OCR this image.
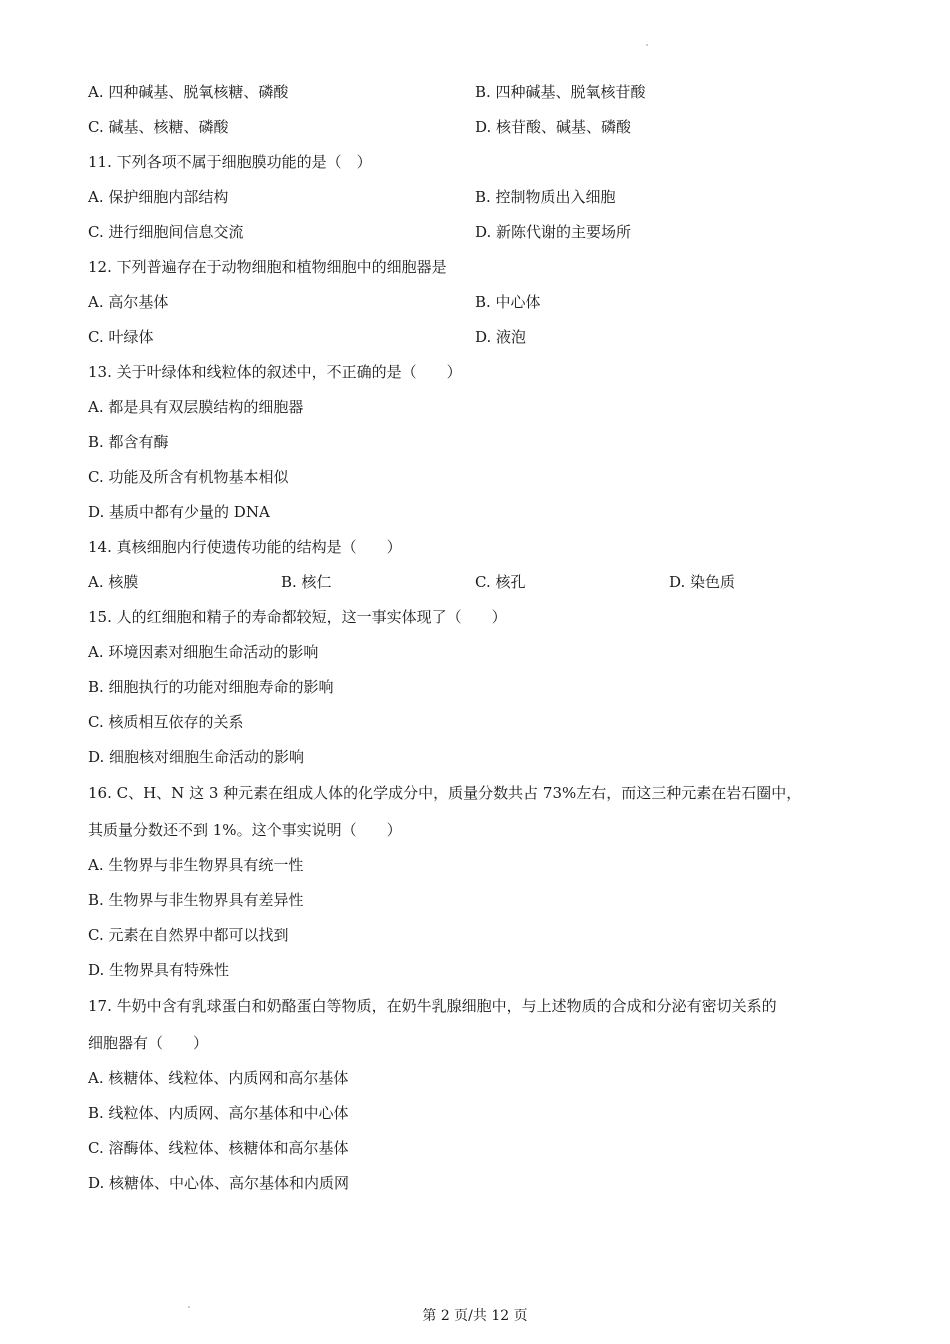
A. 四种碱基、脱氧核糖、磷酸	B. 四种碱基、脱氧核苷酸
C. 碱基、核糖、磷酸	D. 核苷酸、碱基、磷酸
11. 下列各项不属于细胞膜功能的是（　）
A. 保护细胞内部结构	B. 控制物质出入细胞
C. 进行细胞间信息交流	D. 新陈代谢的主要场所
12. 下列普遍存在于动物细胞和植物细胞中的细胞器是
A. 高尔基体	B. 中心体
C. 叶绿体	D. 液泡
13. 关于叶绿体和线粒体的叙述中，不正确的是（　　）
A. 都是具有双层膜结构的细胞器
B. 都含有酶
C. 功能及所含有机物基本相似
D. 基质中都有少量的 DNA
14. 真核细胞内行使遗传功能的结构是（　　）
A. 核膜	B. 核仁	C. 核孔	D. 染色质
15. 人的红细胞和精子的寿命都较短，这一事实体现了（　　）
A. 环境因素对细胞生命活动的影响
B. 细胞执行的功能对细胞寿命的影响
C. 核质相互依存的关系
D. 细胞核对细胞生命活动的影响
16. C、H、N 这 3 种元素在组成人体的化学成分中，质量分数共占 73%左右，而这三种元素在岩石圈中，
其质量分数还不到 1%。这个事实说明（　　）
A. 生物界与非生物界具有统一性
B. 生物界与非生物界具有差异性
C. 元素在自然界中都可以找到
D. 生物界具有特殊性
17. 牛奶中含有乳球蛋白和奶酪蛋白等物质，在奶牛乳腺细胞中，与上述物质的合成和分泌有密切关系的
细胞器有（　　）
A. 核糖体、线粒体、内质网和高尔基体
B. 线粒体、内质网、高尔基体和中心体
C. 溶酶体、线粒体、核糖体和高尔基体
D. 核糖体、中心体、高尔基体和内质网
第 2 页/共 12 页
